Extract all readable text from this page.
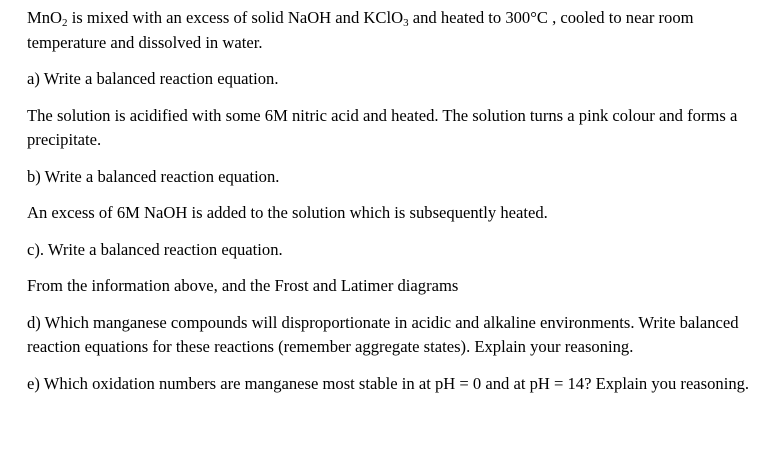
MnO$_2$ is mixed with an excess of solid NaOH and KClO$_3$ and heated to 300°C , cooled to near room temperature and dissolved in water.

a) Write a balanced reaction equation.

The solution is acidified with some 6M nitric acid and heated. The solution turns a pink colour and forms a precipitate.

b) Write a balanced reaction equation.

An excess of 6M NaOH is added to the solution which is subsequently heated.

c). Write a balanced reaction equation.

From the information above, and the Frost and Latimer diagrams

d) Which manganese compounds will disproportionate in acidic and alkaline environments. Write balanced reaction equations for these reactions (remember aggregate states). Explain your reasoning.

e) Which oxidation numbers are manganese most stable in at pH = 0 and at pH = 14? Explain you reasoning.
